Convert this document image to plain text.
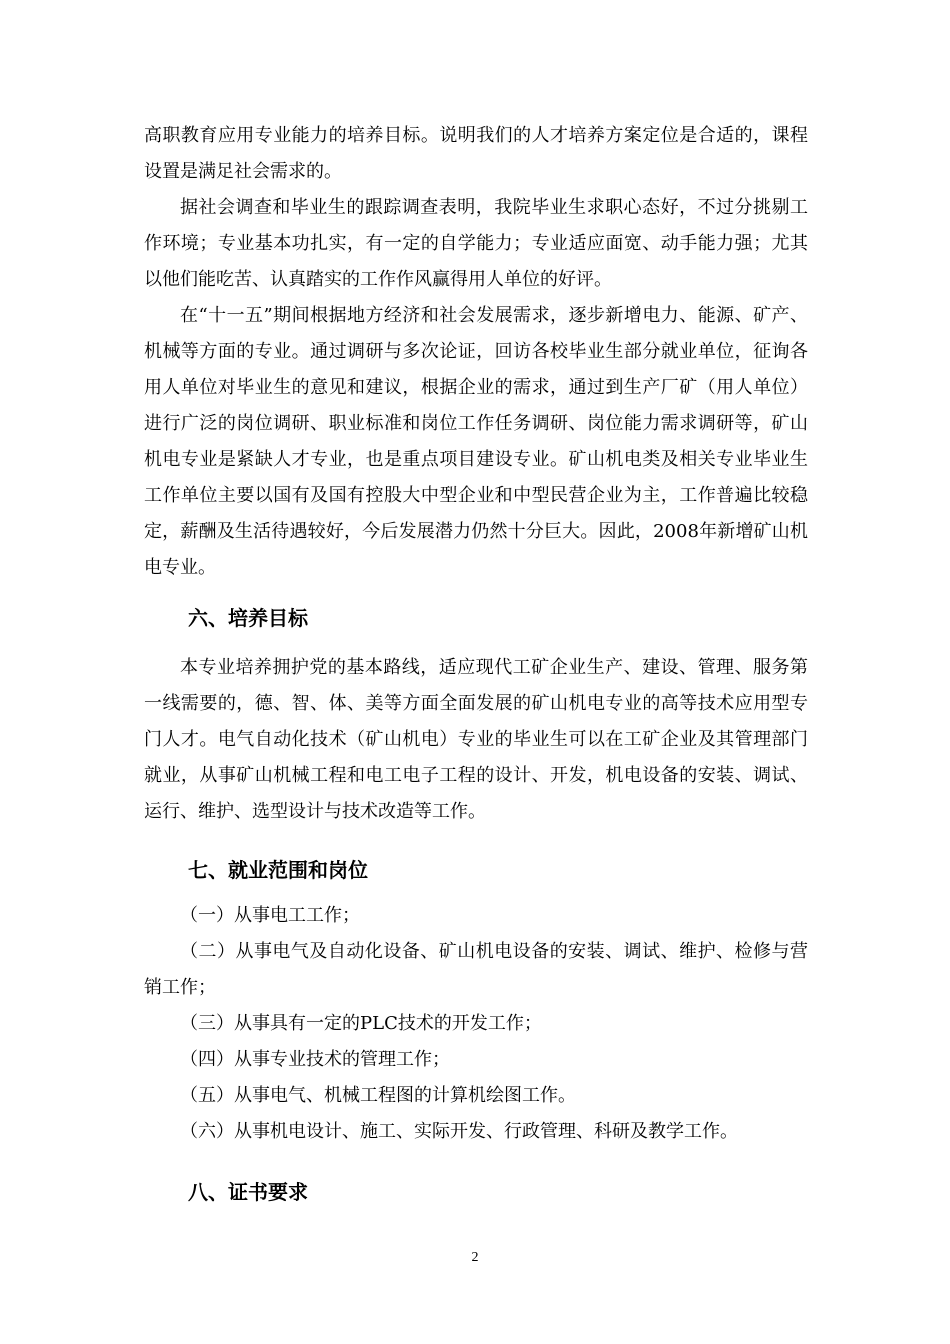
高职教育应用专业能力的培养目标。说明我们的人才培养方案定位是合适的，课程设置是满足社会需求的。

据社会调查和毕业生的跟踪调查表明，我院毕业生求职心态好，不过分挑剔工作环境；专业基本功扎实，有一定的自学能力；专业适应面宽、动手能力强；尤其以他们能吃苦、认真踏实的工作作风赢得用人单位的好评。

在“十一五”期间根据地方经济和社会发展需求，逐步新增电力、能源、矿产、机械等方面的专业。通过调研与多次论证，回访各校毕业生部分就业单位，征询各用人单位对毕业生的意见和建议，根据企业的需求，通过到生产厂矿（用人单位）进行广泛的岗位调研、职业标准和岗位工作任务调研、岗位能力需求调研等，矿山机电专业是紧缺人才专业，也是重点项目建设专业。矿山机电类及相关专业毕业生工作单位主要以国有及国有控股大中型企业和中型民营企业为主，工作普遍比较稳定，薪酬及生活待遇较好，今后发展潜力仍然十分巨大。因此，2008年新增矿山机电专业。

六、培养目标

本专业培养拥护党的基本路线，适应现代工矿企业生产、建设、管理、服务第一线需要的，德、智、体、美等方面全面发展的矿山机电专业的高等技术应用型专门人才。电气自动化技术（矿山机电）专业的毕业生可以在工矿企业及其管理部门就业，从事矿山机械工程和电工电子工程的设计、开发，机电设备的安装、调试、运行、维护、选型设计与技术改造等工作。

七、就业范围和岗位

（一）从事电工工作；

（二）从事电气及自动化设备、矿山机电设备的安装、调试、维护、检修与营销工作；

（三）从事具有一定的PLC技术的开发工作；

（四）从事专业技术的管理工作；

（五）从事电气、机械工程图的计算机绘图工作。

（六）从事机电设计、施工、实际开发、行政管理、科研及教学工作。

八、证书要求
2
